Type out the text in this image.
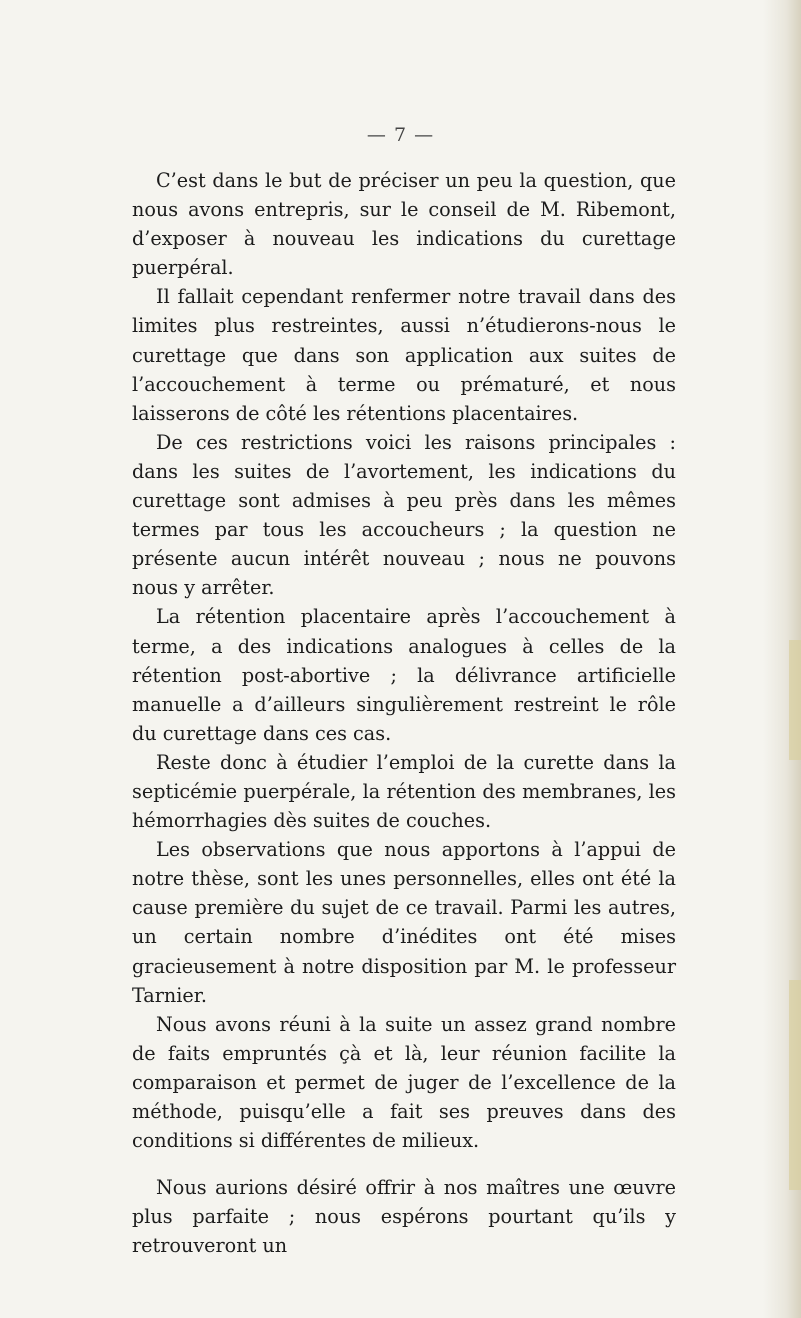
— 7 —

C’est dans le but de préciser un peu la question, que nous avons entrepris, sur le conseil de M. Ribemont, d’exposer à nouveau les indications du curettage puerpéral.

Il fallait cependant renfermer notre travail dans des limites plus restreintes, aussi n’étudierons-nous le curettage que dans son application aux suites de l’accouchement à terme ou prématuré, et nous laisserons de côté les rétentions placentaires.

De ces restrictions voici les raisons principales : dans les suites de l’avortement, les indications du curettage sont admises à peu près dans les mêmes termes par tous les accoucheurs ; la question ne présente aucun intérêt nouveau ; nous ne pouvons nous y arrêter.

La rétention placentaire après l’accouchement à terme, a des indications analogues à celles de la rétention post-abortive ; la délivrance artificielle manuelle a d’ailleurs singulièrement restreint le rôle du curettage dans ces cas.

Reste donc à étudier l’emploi de la curette dans la septicémie puerpérale, la rétention des membranes, les hémorrhagies dès suites de couches.

Les observations que nous apportons à l’appui de notre thèse, sont les unes personnelles, elles ont été la cause première du sujet de ce travail. Parmi les autres, un certain nombre d’inédites ont été mises gracieusement à notre disposition par M. le professeur Tarnier.

Nous avons réuni à la suite un assez grand nombre de faits empruntés çà et là, leur réunion facilite la comparaison et permet de juger de l’excellence de la méthode, puisqu’elle a fait ses preuves dans des conditions si différentes de milieux.

Nous aurions désiré offrir à nos maîtres une œuvre plus parfaite ; nous espérons pourtant qu’ils y retrouveront un
